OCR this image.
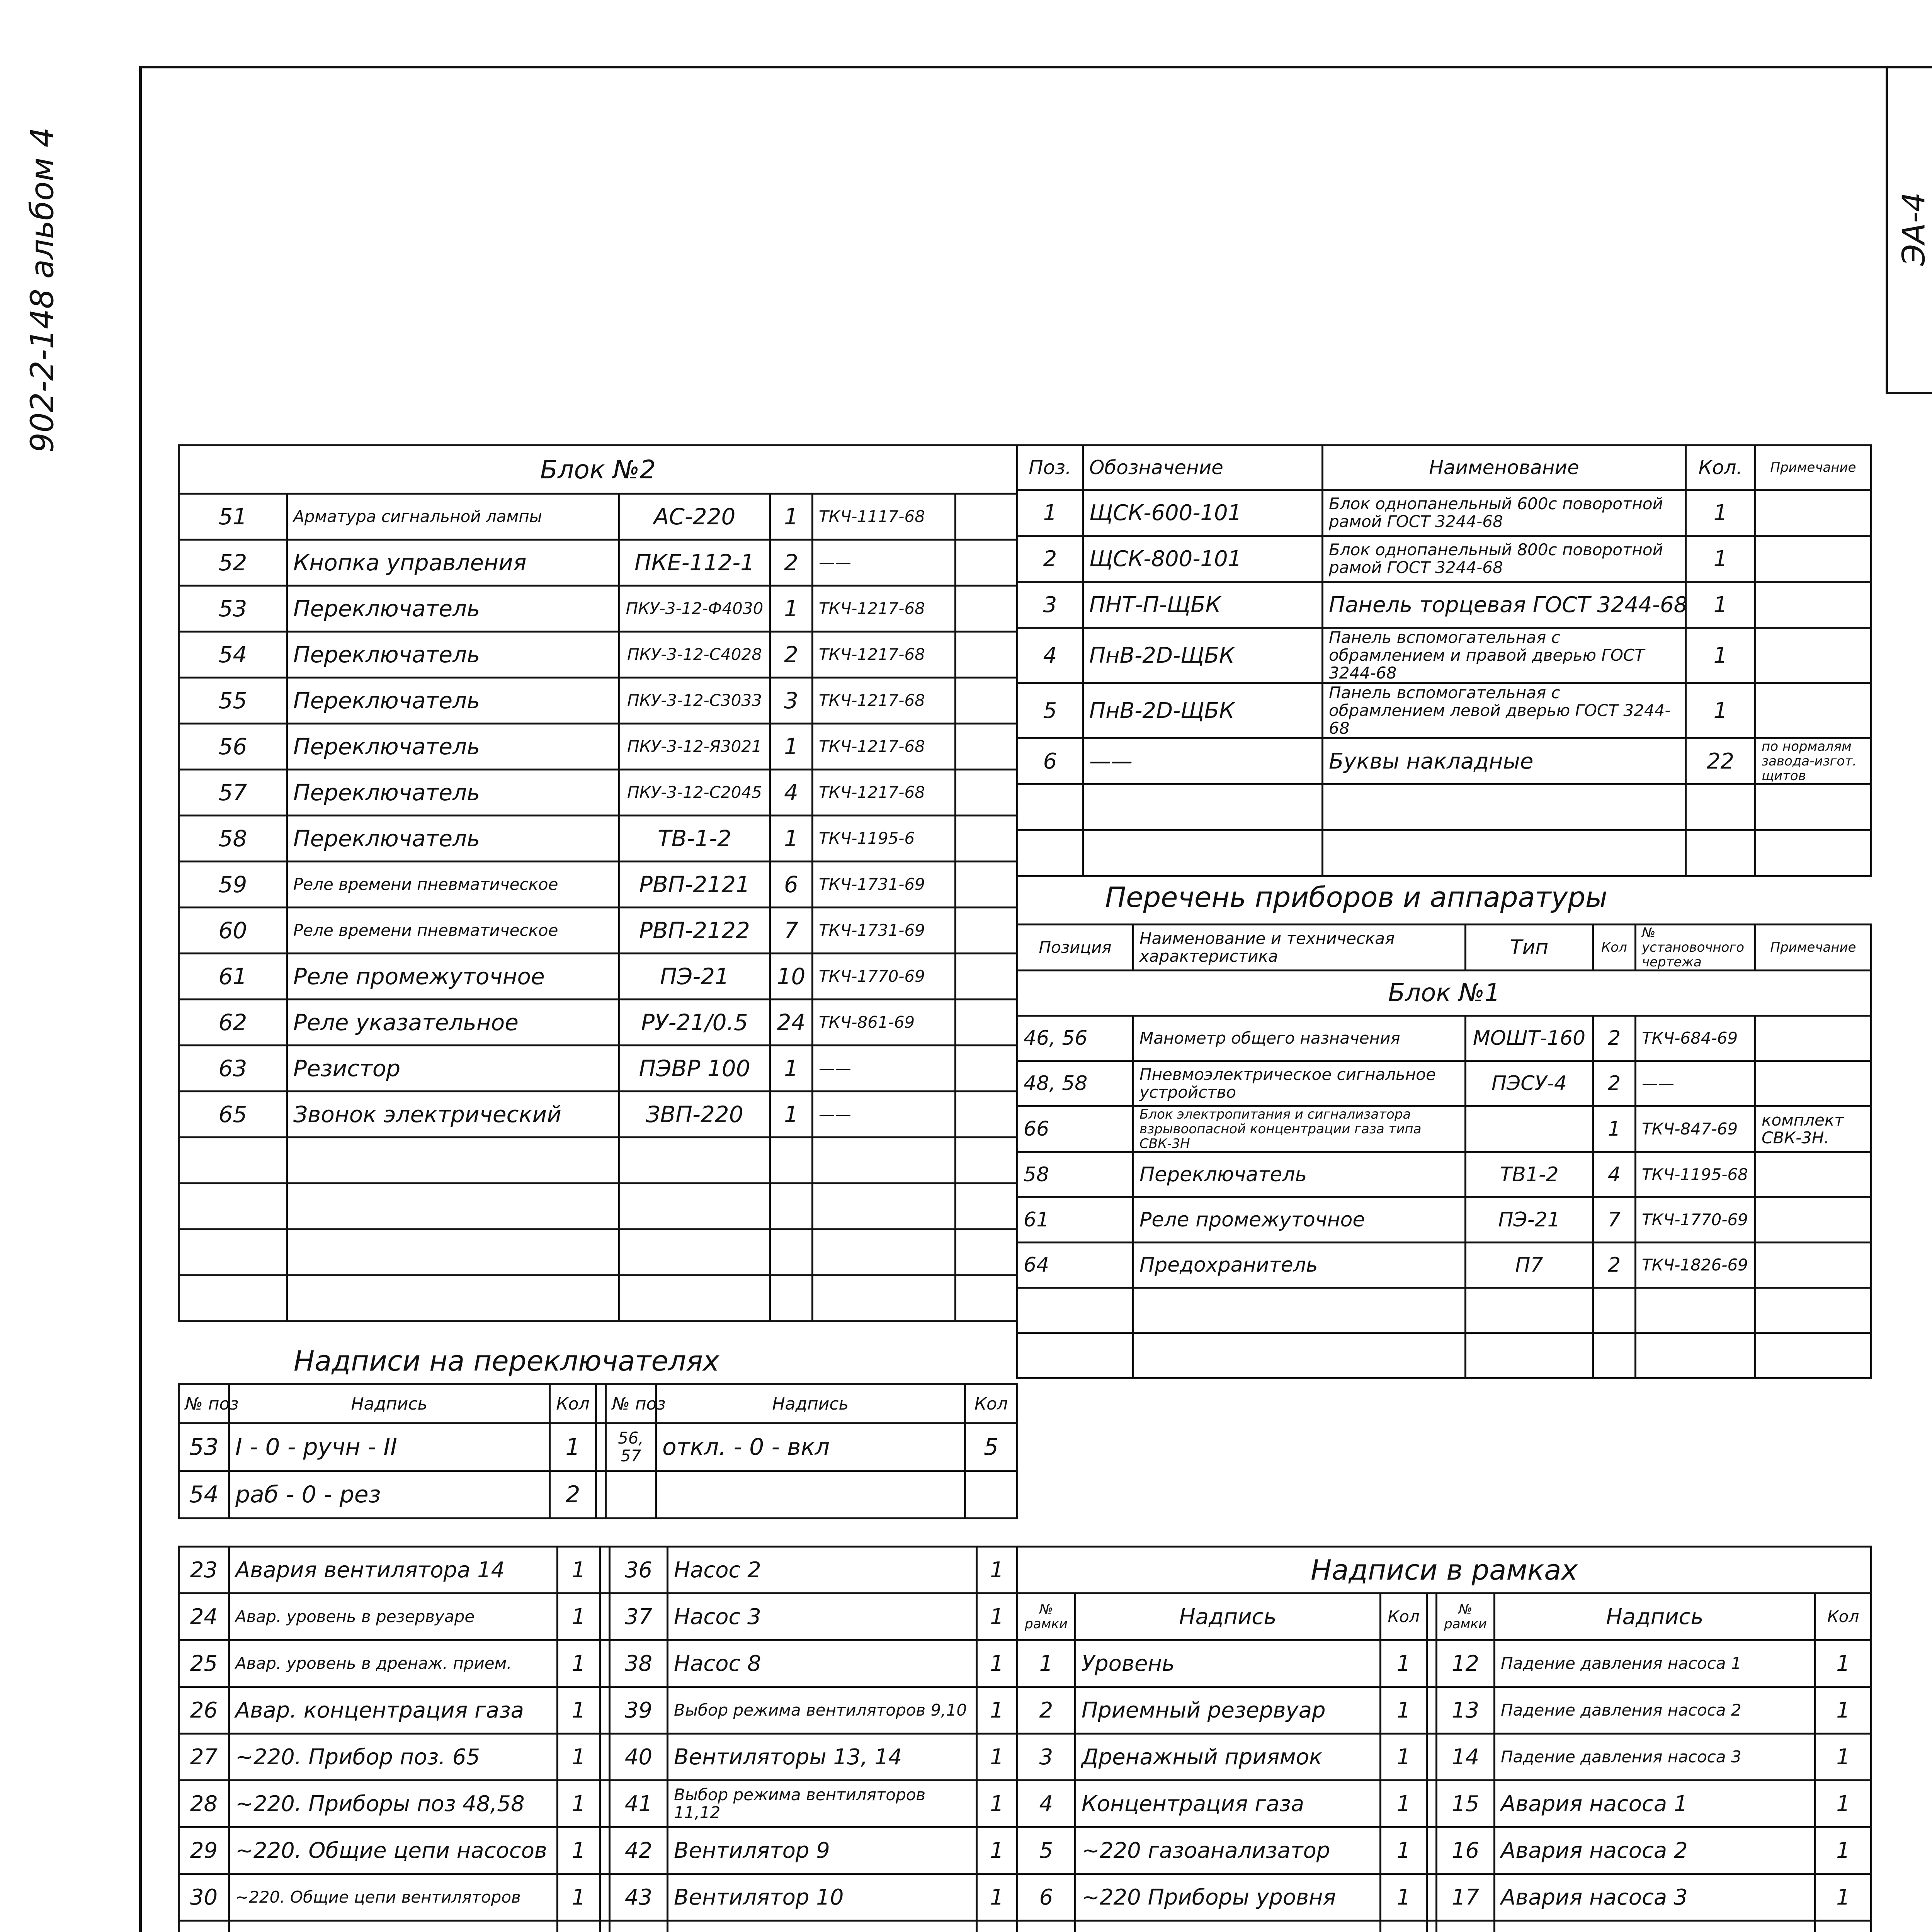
902-2-148 альбом 4	ЭА-4
Блок №2					
51	Арматура сигнальной лампы	АС-220	1	ТКЧ-1117-68	
52	Кнопка управления	ПКЕ-112-1	2	——	
53	Переключатель	ПКУ-3-12-Ф4030	1	ТКЧ-1217-68	
54	Переключатель	ПКУ-3-12-С4028	2	ТКЧ-1217-68	
55	Переключатель	ПКУ-3-12-С3033	3	ТКЧ-1217-68	
56	Переключатель	ПКУ-3-12-Я3021	1	ТКЧ-1217-68	
57	Переключатель	ПКУ-3-12-С2045	4	ТКЧ-1217-68	
58	Переключатель	ТВ-1-2	1	ТКЧ-1195-6	
59	Реле времени пневматическое	РВП-2121	6	ТКЧ-1731-69	
60	Реле времени пневматическое	РВП-2122	7	ТКЧ-1731-69	
61	Реле промежуточное	ПЭ-21	10	ТКЧ-1770-69	
62	Реле указательное	РУ-21/0.5	24	ТКЧ-861-69	
63	Резистор	ПЭВР 100	1	——	
65	Звонок электрический	ЗВП-220	1	——	

Поз.	Обозначение	Наименование	Кол.	Примечание
1	ЩСК-600-101	Блок однопанельный 600с поворотной рамой ГОСТ 3244-68	1	
2	ЩСК-800-101	Блок однопанельный 800с поворотной рамой ГОСТ 3244-68	1	
3	ПНТ-П-ЩБК	Панель торцевая ГОСТ 3244-68	1	
4	ПнВ-2D-ЩБК	Панель вспомогательная с обрамлением и правой дверью ГОСТ 3244-68	1	
5	ПнВ-2D-ЩБК	Панель вспомогательная с обрамлением левой дверью ГОСТ 3244-68	1	
6	——	Буквы накладные	22	по нормалям завода-изгот. щитов

Перечень приборов и аппаратуры
Позиция	Наименование и техническая характеристика	Тип	Кол	№ установочного чертежа	Примечание
Блок №1					
46, 56	Манометр общего назначения	МОШТ-160	2	ТКЧ-684-69	
48, 58	Пневмоэлектрическое сигнальное устройство	ПЭСУ-4	2	——	
66	Блок электропитания и сигнализатора взрывоопасной концентрации газа типа СВК-3Н		1	ТКЧ-847-69	комплект СВК-3Н.
58	Переключатель	ТВ1-2	4	ТКЧ-1195-68	
61	Реле промежуточное	ПЭ-21	7	ТКЧ-1770-69	
64	Предохранитель	П7	2	ТКЧ-1826-69	

Надписи на переключателях
№ поз	Надпись	Кол		№ поз	Надпись	Кол
53	I - 0 - ручн - II	1		56, 57	откл. - 0 - вкл	5
54	раб - 0 - рез	2				
23	Авария вентилятора 14	1		36	Насос 2	1
24	Авар. уровень в резервуаре	1		37	Насос 3	1
25	Авар. уровень в дренаж. прием.	1		38	Насос 8	1
26	Авар. концентрация газа	1		39	Выбор режима вентиляторов 9,10	1
27	~220. Прибор поз. 65	1		40	Вентиляторы 13, 14	1
28	~220. Приборы поз 48,58	1		41	Выбор режима вентиляторов 11,12	1
29	~220. Общие цепи насосов	1		42	Вентилятор 9	1
30	~220. Общие цепи вентиляторов	1		43	Вентилятор 10	1

Надписи в рамках						
№ рамки	Надпись	Кол		№ рамки	Надпись	Кол
1	Уровень	1		12	Падение давления насоса 1	1
2	Приемный резервуар	1		13	Падение давления насоса 2	1
3	Дренажный приямок	1		14	Падение давления насоса 3	1
4	Концентрация газа	1		15	Авария насоса 1	1
5	~220 газоанализатор	1		16	Авария насоса 2	1
6	~220 Приборы уровня	1		17	Авария насоса 3	1
